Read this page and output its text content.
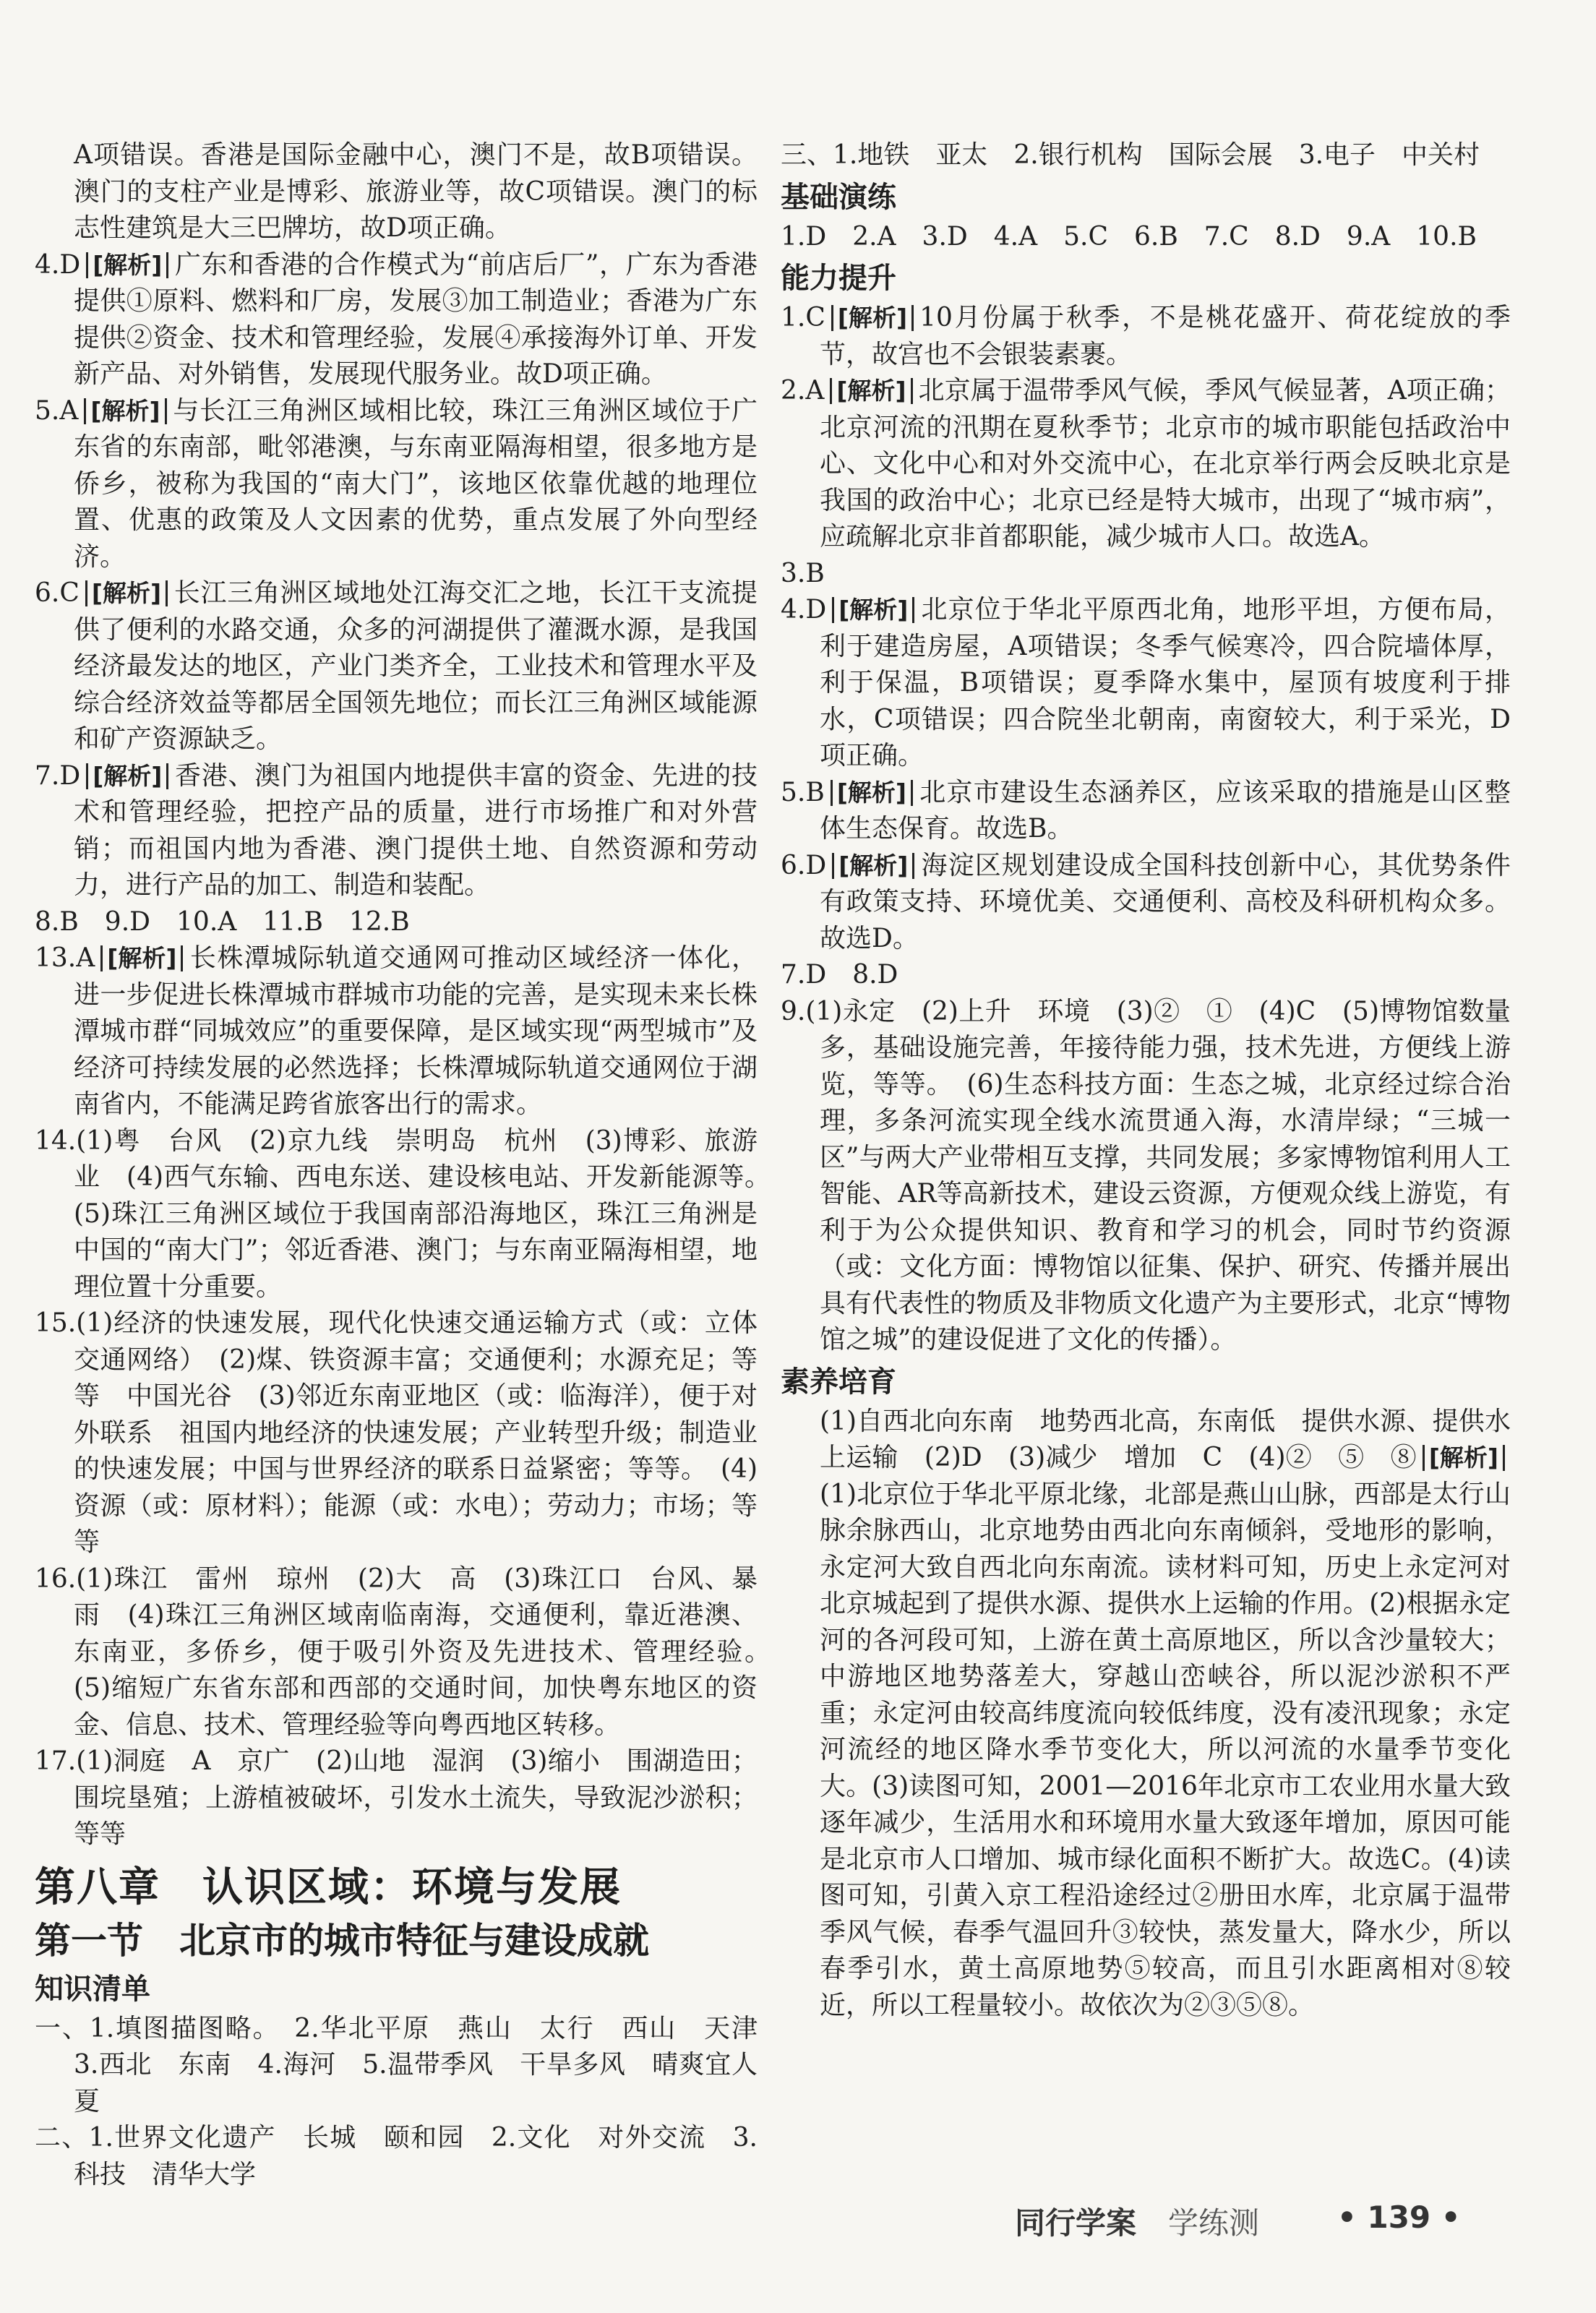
A项错误。香港是国际金融中心，澳门不是，故B项错误。澳门的支柱产业是博彩、旅游业等，故C项错误。澳门的标志性建筑是大三巴牌坊，故D项正确。

4.D [解析] 广东和香港的合作模式为“前店后厂”，广东为香港提供①原料、燃料和厂房，发展③加工制造业；香港为广东提供②资金、技术和管理经验，发展④承接海外订单、开发新产品、对外销售，发展现代服务业。故D项正确。

5.A [解析] 与长江三角洲区域相比较，珠江三角洲区域位于广东省的东南部，毗邻港澳，与东南亚隔海相望，很多地方是侨乡，被称为我国的“南大门”，该地区依靠优越的地理位置、优惠的政策及人文因素的优势，重点发展了外向型经济。

6.C [解析] 长江三角洲区域地处江海交汇之地，长江干支流提供了便利的水路交通，众多的河湖提供了灌溉水源，是我国经济最发达的地区，产业门类齐全，工业技术和管理水平及综合经济效益等都居全国领先地位；而长江三角洲区域能源和矿产资源缺乏。

7.D [解析] 香港、澳门为祖国内地提供丰富的资金、先进的技术和管理经验，把控产品的质量，进行市场推广和对外营销；而祖国内地为香港、澳门提供土地、自然资源和劳动力，进行产品的加工、制造和装配。

8.B　9.D　10.A　11.B　12.B

13.A [解析] 长株潭城际轨道交通网可推动区域经济一体化，进一步促进长株潭城市群城市功能的完善，是实现未来长株潭城市群“同城效应”的重要保障，是区域实现“两型城市”及经济可持续发展的必然选择；长株潭城际轨道交通网位于湖南省内，不能满足跨省旅客出行的需求。

14.(1)粤　台风　(2)京九线　崇明岛　杭州　(3)博彩、旅游业　(4)西气东输、西电东送、建设核电站、开发新能源等。　(5)珠江三角洲区域位于我国南部沿海地区，珠江三角洲是中国的“南大门”；邻近香港、澳门；与东南亚隔海相望，地理位置十分重要。

15.(1)经济的快速发展，现代化快速交通运输方式（或：立体交通网络）　(2)煤、铁资源丰富；交通便利；水源充足；等等　中国光谷　(3)邻近东南亚地区（或：临海洋），便于对外联系　祖国内地经济的快速发展；产业转型升级；制造业的快速发展；中国与世界经济的联系日益紧密；等等。　(4)资源（或：原材料）；能源（或：水电）；劳动力；市场；等等

16.(1)珠江　雷州　琼州　(2)大　高　(3)珠江口　台风、暴雨　(4)珠江三角洲区域南临南海，交通便利，靠近港澳、东南亚，多侨乡，便于吸引外资及先进技术、管理经验。　(5)缩短广东省东部和西部的交通时间，加快粤东地区的资金、信息、技术、管理经验等向粤西地区转移。

17.(1)洞庭　A　京广　(2)山地　湿润　(3)缩小　围湖造田；围垸垦殖；上游植被破坏，引发水土流失，导致泥沙淤积；等等

第八章　认识区域：环境与发展
第一节　北京市的城市特征与建设成就
知识清单

一、1.填图描图略。　2.华北平原　燕山　太行　西山　天津　3.西北　东南　4.海河　5.温带季风　干旱多风　晴爽宜人　夏

二、1.世界文化遗产　长城　颐和园　2.文化　对外交流　3.科技　清华大学

三、1.地铁　亚太　2.银行机构　国际会展　3.电子　中关村

基础演练

1.D　2.A　3.D　4.A　5.C　6.B　7.C　8.D　9.A　10.B

能力提升

1.C [解析] 10月份属于秋季，不是桃花盛开、荷花绽放的季节，故宫也不会银装素裹。

2.A [解析] 北京属于温带季风气候，季风气候显著，A项正确；北京河流的汛期在夏秋季节；北京市的城市职能包括政治中心、文化中心和对外交流中心，在北京举行两会反映北京是我国的政治中心；北京已经是特大城市，出现了“城市病”，应疏解北京非首都职能，减少城市人口。故选A。

3.B

4.D [解析] 北京位于华北平原西北角，地形平坦，方便布局，利于建造房屋，A项错误；冬季气候寒冷，四合院墙体厚，利于保温，B项错误；夏季降水集中，屋顶有坡度利于排水，C项错误；四合院坐北朝南，南窗较大，利于采光，D项正确。

5.B [解析] 北京市建设生态涵养区，应该采取的措施是山区整体生态保育。故选B。

6.D [解析] 海淀区规划建设成全国科技创新中心，其优势条件有政策支持、环境优美、交通便利、高校及科研机构众多。故选D。

7.D　8.D

9.(1)永定　(2)上升　环境　(3)②　①　(4)C　(5)博物馆数量多，基础设施完善，年接待能力强，技术先进，方便线上游览，等等。　(6)生态科技方面：生态之城，北京经过综合治理，多条河流实现全线水流贯通入海，水清岸绿；“三城一区”与两大产业带相互支撑，共同发展；多家博物馆利用人工智能、AR等高新技术，建设云资源，方便观众线上游览，有利于为公众提供知识、教育和学习的机会，同时节约资源（或：文化方面：博物馆以征集、保护、研究、传播并展出具有代表性的物质及非物质文化遗产为主要形式，北京“博物馆之城”的建设促进了文化的传播）。

素养培育

(1)自西北向东南　地势西北高，东南低　提供水源、提供水上运输　(2)D　(3)减少　增加　C　(4)②　⑤　⑧ [解析](1)北京位于华北平原北缘，北部是燕山山脉，西部是太行山脉余脉西山，北京地势由西北向东南倾斜，受地形的影响，永定河大致自西北向东南流。读材料可知，历史上永定河对北京城起到了提供水源、提供水上运输的作用。(2)根据永定河的各河段可知，上游在黄土高原地区，所以含沙量较大；中游地区地势落差大，穿越山峦峡谷，所以泥沙淤积不严重；永定河由较高纬度流向较低纬度，没有凌汛现象；永定河流经的地区降水季节变化大，所以河流的水量季节变化大。(3)读图可知，2001—2016年北京市工农业用水量大致逐年减少，生活用水和环境用水量大致逐年增加，原因可能是北京市人口增加、城市绿化面积不断扩大。故选C。(4)读图可知，引黄入京工程沿途经过②册田水库，北京属于温带季风气候，春季气温回升③较快，蒸发量大，降水少，所以春季引水，黄土高原地势⑤较高，而且引水距离相对⑧较近，所以工程量较小。故依次为②③⑤⑧。

同行学案 学练测	• 139 •
